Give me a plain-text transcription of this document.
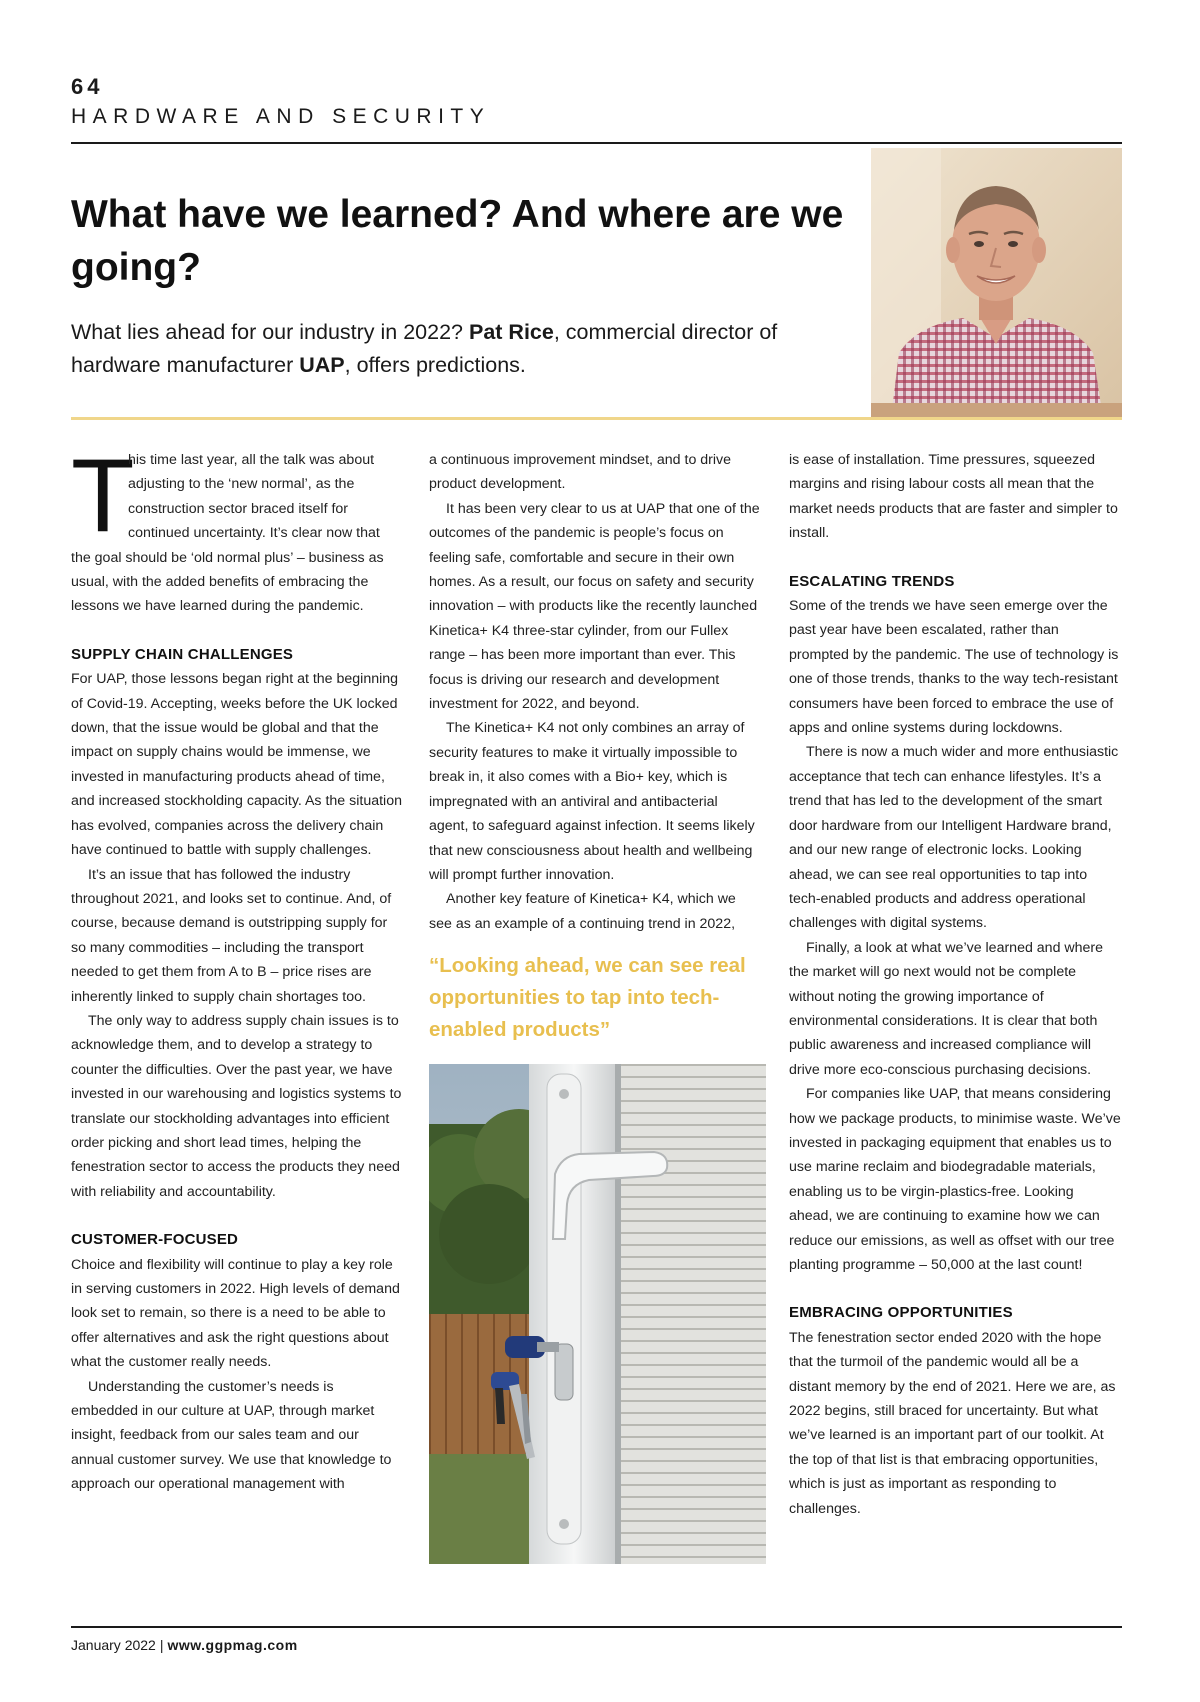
64
HARDWARE AND SECURITY
What have we learned? And where are we going?

What lies ahead for our industry in 2022? Pat Rice, commercial director of hardware manufacturer UAP, offers predictions.

T

his time last year, all the talk was about adjusting to the ‘new normal’, as the construction sector braced itself for continued uncertainty. It’s clear now that the goal should be ‘old normal plus’ – business as usual, with the added benefits of embracing the lessons we have learned during the pandemic.

SUPPLY CHAIN CHALLENGES

For UAP, those lessons began right at the beginning of Covid-19. Accepting, weeks before the UK locked down, that the issue would be global and that the impact on supply chains would be immense, we invested in manufacturing products ahead of time, and increased stockholding capacity. As the situation has evolved, companies across the delivery chain have continued to battle with supply challenges.

It’s an issue that has followed the industry throughout 2021, and looks set to continue. And, of course, because demand is outstripping supply for so many commodities – including the transport needed to get them from A to B – price rises are inherently linked to supply chain shortages too.

The only way to address supply chain issues is to acknowledge them, and to develop a strategy to counter the difficulties. Over the past year, we have invested in our warehousing and logistics systems to translate our stockholding advantages into efficient order picking and short lead times, helping the fenestration sector to access the products they need with reliability and accountability.

CUSTOMER-FOCUSED

Choice and flexibility will continue to play a key role in serving customers in 2022. High levels of demand look set to remain, so there is a need to be able to offer alternatives and ask the right questions about what the customer really needs.

Understanding the customer’s needs is embedded in our culture at UAP, through market insight, feedback from our sales team and our annual customer survey. We use that knowledge to approach our operational management with

a continuous improvement mindset, and to drive product development.

It has been very clear to us at UAP that one of the outcomes of the pandemic is people’s focus on feeling safe, comfortable and secure in their own homes. As a result, our focus on safety and security innovation – with products like the recently launched Kinetica+ K4 three-star cylinder, from our Fullex range – has been more important than ever. This focus is driving our research and development investment for 2022, and beyond.

The Kinetica+ K4 not only combines an array of security features to make it virtually impossible to break in, it also comes with a Bio+ key, which is impregnated with an antiviral and antibacterial agent, to safeguard against infection. It seems likely that new consciousness about health and wellbeing will prompt further innovation.

Another key feature of Kinetica+ K4, which we see as an example of a continuing trend in 2022,

“Looking ahead, we can see real opportunities to tap into tech-enabled products”

is ease of installation. Time pressures, squeezed margins and rising labour costs all mean that the market needs products that are faster and simpler to install.

ESCALATING TRENDS

Some of the trends we have seen emerge over the past year have been escalated, rather than prompted by the pandemic. The use of technology is one of those trends, thanks to the way tech-resistant consumers have been forced to embrace the use of apps and online systems during lockdowns.

There is now a much wider and more enthusiastic acceptance that tech can enhance lifestyles. It’s a trend that has led to the development of the smart door hardware from our Intelligent Hardware brand, and our new range of electronic locks. Looking ahead, we can see real opportunities to tap into tech-enabled products and address operational challenges with digital systems.

Finally, a look at what we’ve learned and where the market will go next would not be complete without noting the growing importance of environmental considerations. It is clear that both public awareness and increased compliance will drive more eco-conscious purchasing decisions.

For companies like UAP, that means considering how we package products, to minimise waste. We’ve invested in packaging equipment that enables us to use marine reclaim and biodegradable materials, enabling us to be virgin-plastics-free. Looking ahead, we are continuing to examine how we can reduce our emissions, as well as offset with our tree planting programme – 50,000 at the last count!

EMBRACING OPPORTUNITIES

The fenestration sector ended 2020 with the hope that the turmoil of the pandemic would all be a distant memory by the end of 2021. Here we are, as 2022 begins, still braced for uncertainty. But what we’ve learned is an important part of our toolkit. At the top of that list is that embracing opportunities, which is just as important as responding to challenges.

January 2022 | www.ggpmag.com
